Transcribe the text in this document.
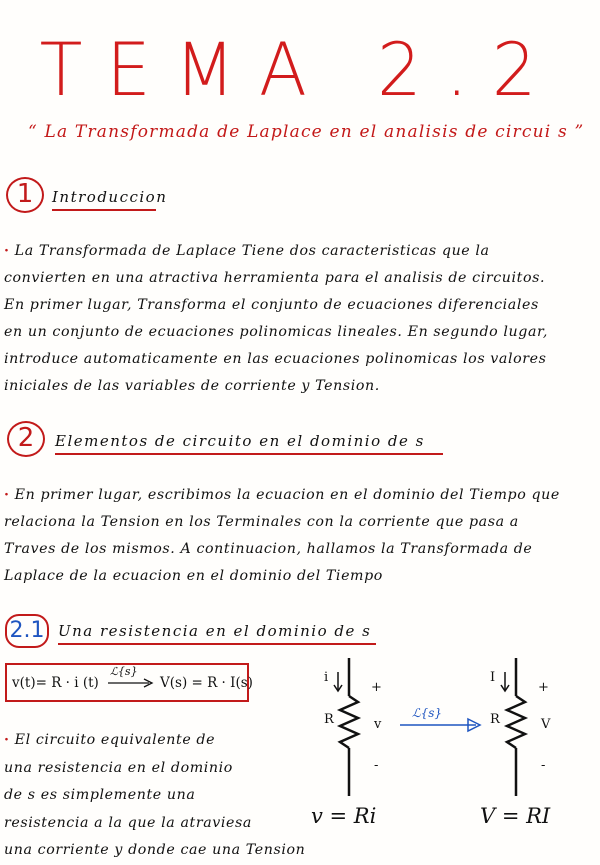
TEMA 2.2
“ La Transformada de Laplace en el analisis de circui s ”
1	Introduccion
· La Transformada de Laplace Tiene dos caracteristicas que la
convierten en una atractiva herramienta para el analisis de circuitos.
En primer lugar, Transforma el conjunto de ecuaciones diferenciales
en un conjunto de ecuaciones polinomicas lineales. En segundo lugar,
introduce automaticamente en las ecuaciones polinomicas los valores
iniciales de las variables de corriente y Tension.
2	Elementos de circuito en el dominio de s
· En primer lugar, escribimos la ecuacion en el dominio del Tiempo que
relaciona la Tension en los Terminales con la corriente que pasa a
Traves de los mismos. A continuacion, hallamos la Transformada de
Laplace de la ecuacion en el dominio del Tiempo
2.1 Una resistencia en el dominio de s
v(t)= R · i (t)
ℒ{s}
V(s) = R · I(s)
· El circuito equivalente de
una resistencia en el dominio
de s es simplemente una
resistencia a la que la atraviesa
una corriente y donde cae una Tension
i
+
R	v
-
v = Ri
ℒ{s}
I
+
R	V
-
V = RI
